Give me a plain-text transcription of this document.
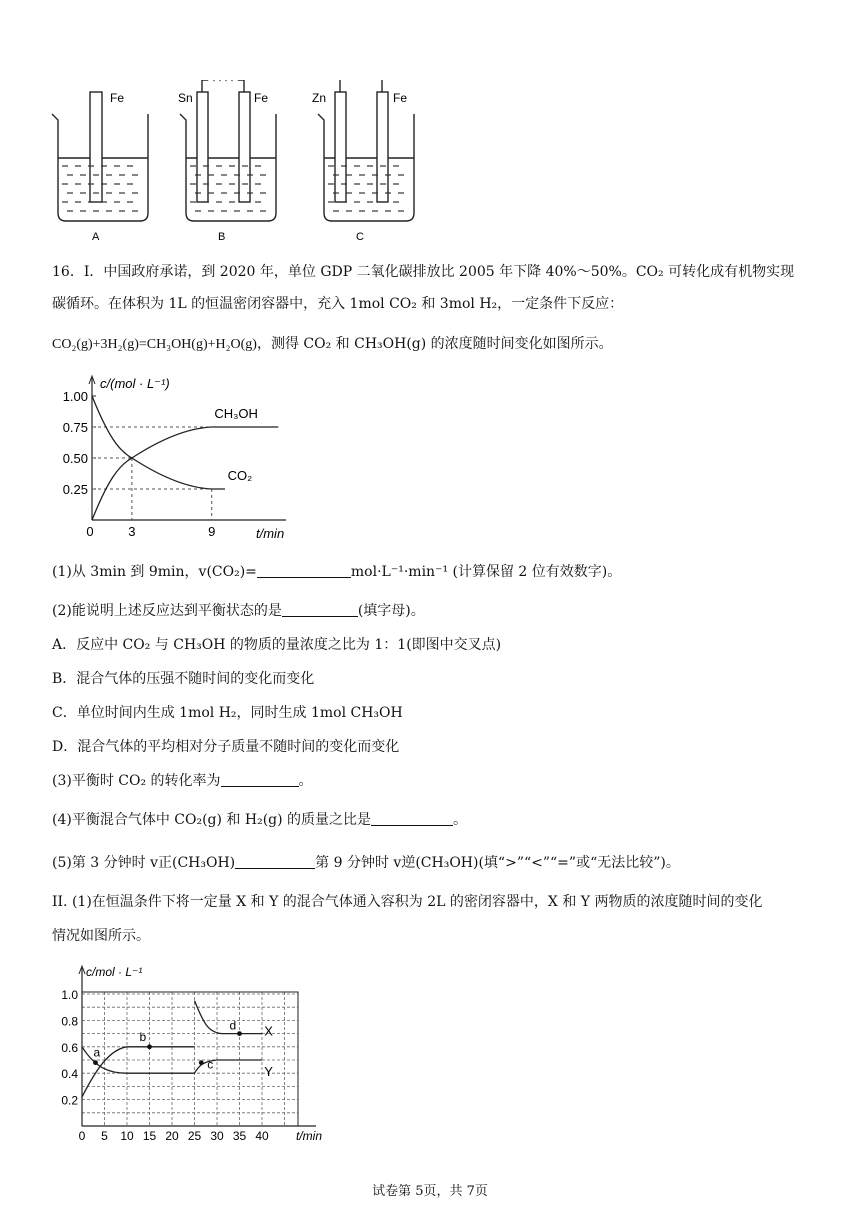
Fe	Sn	Fe	Zn	Fe
A	B	C
16．I．中国政府承诺，到 2020 年，单位 GDP 二氧化碳排放比 2005 年下降 40%～50%。CO₂ 可转化成有机物实现
碳循环。在体积为 1L 的恒温密闭容器中，充入 1mol CO₂ 和 3mol H₂，一定条件下反应：
CO₂(g)+3H₂(g)=CH₃OH(g)+H₂O(g)，测得 CO₂ 和 CH₃OH(g) 的浓度随时间变化如图所示。
c/(mol · L⁻¹)
t/min
0.25
0.50
0.75
1.00
0	3	9
CH₃OH
CO₂
(1)从 3min 到 9min，v(CO₂)=	mol·L⁻¹·min⁻¹ (计算保留 2 位有效数字)。
(2)能说明上述反应达到平衡状态的是	(填字母)。
A．反应中 CO₂ 与 CH₃OH 的物质的量浓度之比为 1：1(即图中交叉点)
B．混合气体的压强不随时间的变化而变化
C．单位时间内生成 1mol H₂，同时生成 1mol CH₃OH
D．混合气体的平均相对分子质量不随时间的变化而变化
(3)平衡时 CO₂ 的转化率为	。
(4)平衡混合气体中 CO₂(g) 和 H₂(g) 的质量之比是	。
(5)第 3 分钟时 v正(CH₃OH)	第 9 分钟时 v逆(CH₃OH)(填“>”“<”“=”或“无法比较”)。
II. (1)在恒温条件下将一定量 X 和 Y 的混合气体通入容积为 2L 的密闭容器中，X 和 Y 两物质的浓度随时间的变化
情况如图所示。
c/mol · L⁻¹
t/min
0.2
0.4
0.6
0.8
1.0
0 5 10 15 20 25 30 35 40
X
Y
a
b
c
d
试卷第 5页，共 7页
